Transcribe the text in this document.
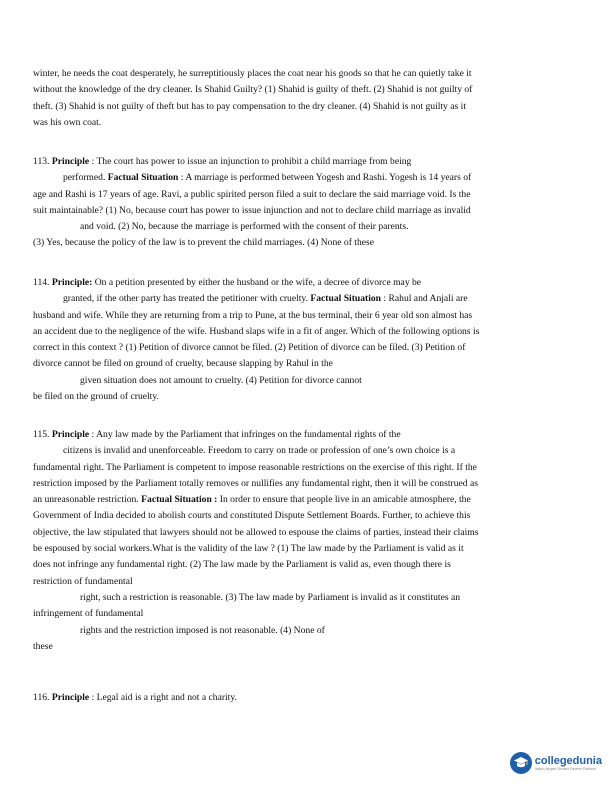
winter, he needs the coat desperately, he surreptitiously places the coat near his goods so that he can quietly take it
without the knowledge of the dry cleaner. Is Shahid Guilty? (1) Shahid is guilty of theft. (2) Shahid is not guilty of
theft. (3) Shahid is not guilty of theft but has to pay compensation to the dry cleaner. (4) Shahid is not guilty as it
was his own coat.
113. Principle : The court has power to issue an injunction to prohibit a child marriage from being
performed. Factual Situation : A marriage is performed between Yogesh and Rashi. Yogesh is 14 years of
age and Rashi is 17 years of age. Ravi, a public spirited person filed a suit to declare the said marriage void. Is the
suit maintainable? (1) No, because court has power to issue injunction and not to declare child marriage as invalid
and void. (2) No, because the marriage is performed with the consent of their parents.
(3) Yes, because the policy of the law is to prevent the child marriages. (4) None of these
114. Principle: On a petition presented by either the husband or the wife, a decree of divorce may be
granted, if the other party has treated the petitioner with cruelty. Factual Situation : Rahul and Anjali are
husband and wife. While they are returning from a trip to Pune, at the bus terminal, their 6 year old son almost has
an accident due to the negligence of the wife. Husband slaps wife in a fit of anger. Which of the following options is
correct in this context ? (1) Petition of divorce cannot be filed. (2) Petition of divorce can be filed. (3) Petition of
divorce cannot be filed on ground of cruelty, because slapping by Rahul in the
given situation does not amount to cruelty. (4) Petition for divorce cannot
be filed on the ground of cruelty.
115. Principle : Any law made by the Parliament that infringes on the fundamental rights of the
citizens is invalid and unenforceable. Freedom to carry on trade or profession of one’s own choice is a
fundamental right. The Parliament is competent to impose reasonable restrictions on the exercise of this right. If the
restriction imposed by the Parliament totally removes or nullifies any fundamental right, then it will be construed as
an unreasonable restriction. Factual Situation : In order to ensure that people live in an amicable atmosphere, the
Government of India decided to abolish courts and constituted Dispute Settlement Boards. Further, to achieve this
objective, the law stipulated that lawyers should not be allowed to espouse the claims of parties, instead their claims
be espoused by social workers.What is the validity of the law ? (1) The law made by the Parliament is valid as it
does not infringe any fundamental right. (2) The law made by the Parliament is valid as, even though there is
restriction of fundamental
right, such a restriction is reasonable. (3) The law made by Parliament is invalid as it constitutes an
infringement of fundamental
rights and the restriction imposed is not reasonable. (4) None of
these
116. Principle : Legal aid is a right and not a charity.
collegedunia
India's largest Student Review Platform
